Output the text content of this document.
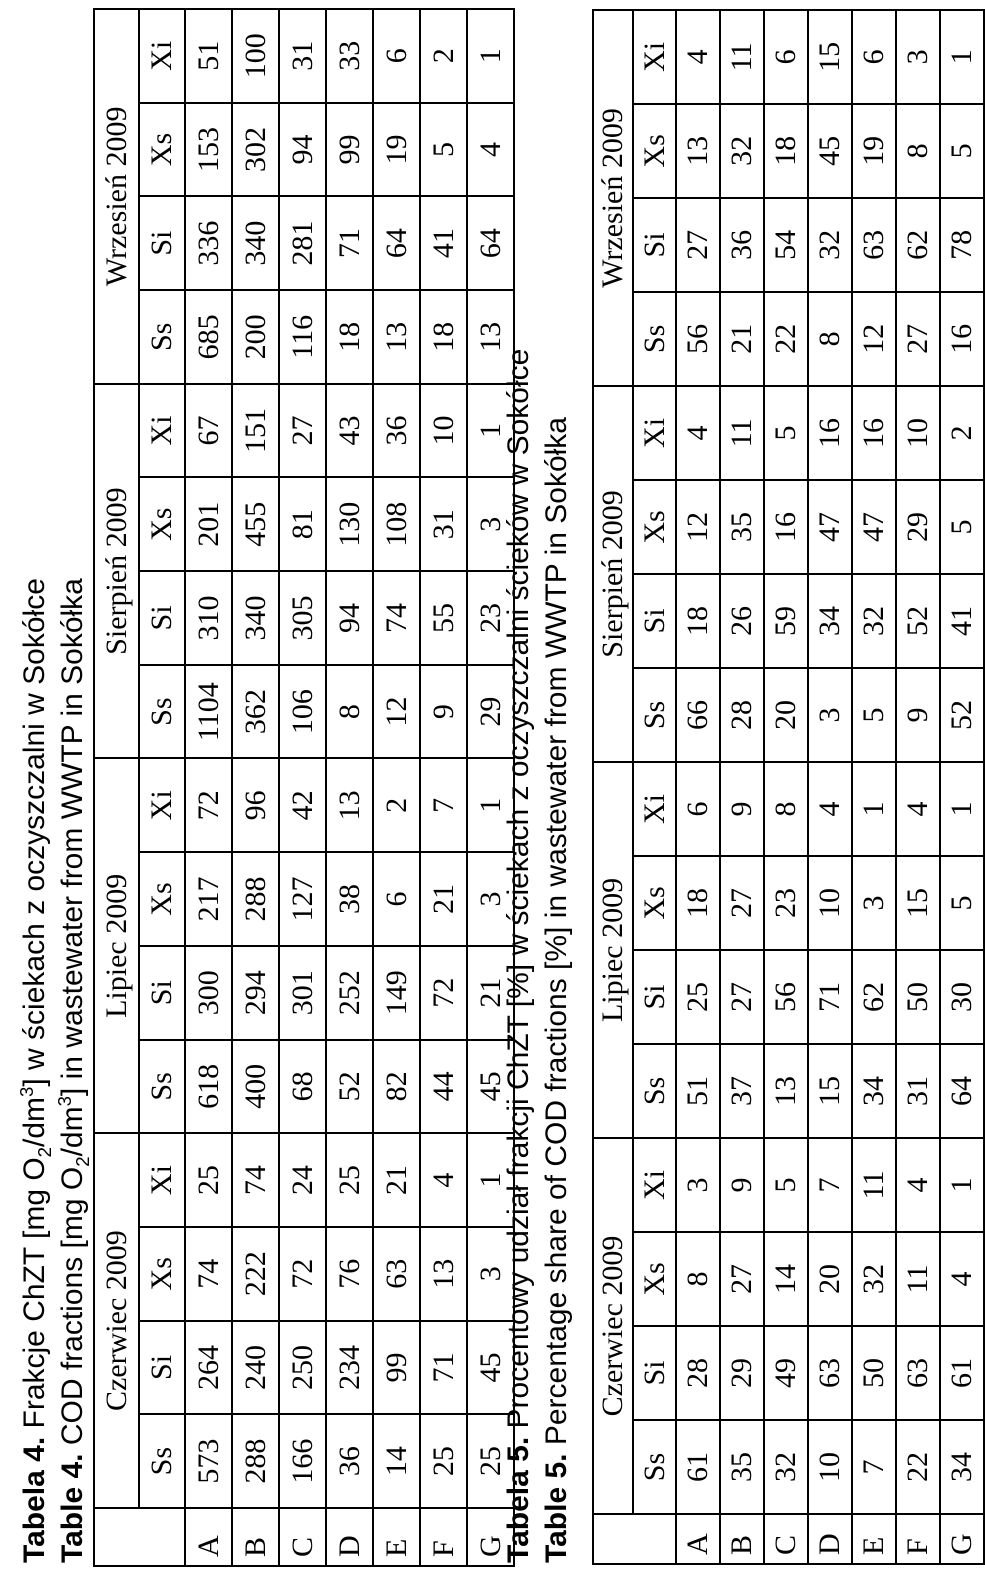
Tabela 4. Frakcje ChZT [mg $O_2/dm^3$] w ściekach z oczyszczalni w Sokółce
Table 4. COD fractions [mg $O_2/dm^3$] in wastewater from WWTP in Sokółka
	Czerwiec 2009				Lipiec 2009				Sierpień 2009				Wrzesień 2009			
	Ss	Si	Xs	Xi	Ss	Si	Xs	Xi	Ss	Si	Xs	Xi	Ss	Si	Xs	Xi
A	573	264	74	25	618	300	217	72	1104	310	201	67	685	336	153	51
B	288	240	222	74	400	294	288	96	362	340	455	151	200	340	302	100
C	166	250	72	24	68	301	127	42	106	305	81	27	116	281	94	31
D	36	234	76	25	52	252	38	13	8	94	130	43	18	71	99	33
E	14	99	63	21	82	149	6	2	12	74	108	36	13	64	19	6
F	25	71	13	4	44	72	21	7	9	55	31	10	18	41	5	2
G	25	45	3	1	45	21	3	1	29	23	3	1	13	64	4	1
Tabela 5. Procentowy udział frakcji ChZT [%] w ściekach z oczyszczalni ścieków w Sokółce
Table 5. Percentage share of COD fractions [%] in wastewater from WWTP in Sokółka
	Czerwiec 2009				Lipiec 2009				Sierpień 2009				Wrzesień 2009			
	Ss	Si	Xs	Xi	Ss	Si	Xs	Xi	Ss	Si	Xs	Xi	Ss	Si	Xs	Xi
A	61	28	8	3	51	25	18	6	66	18	12	4	56	27	13	4
B	35	29	27	9	37	27	27	9	28	26	35	11	21	36	32	11
C	32	49	14	5	13	56	23	8	20	59	16	5	22	54	18	6
D	10	63	20	7	15	71	10	4	3	34	47	16	8	32	45	15
E	7	50	32	11	34	62	3	1	5	32	47	16	12	63	19	6
F	22	63	11	4	31	50	15	4	9	52	29	10	27	62	8	3
G	34	61	4	1	64	30	5	1	52	41	5	2	16	78	5	1
